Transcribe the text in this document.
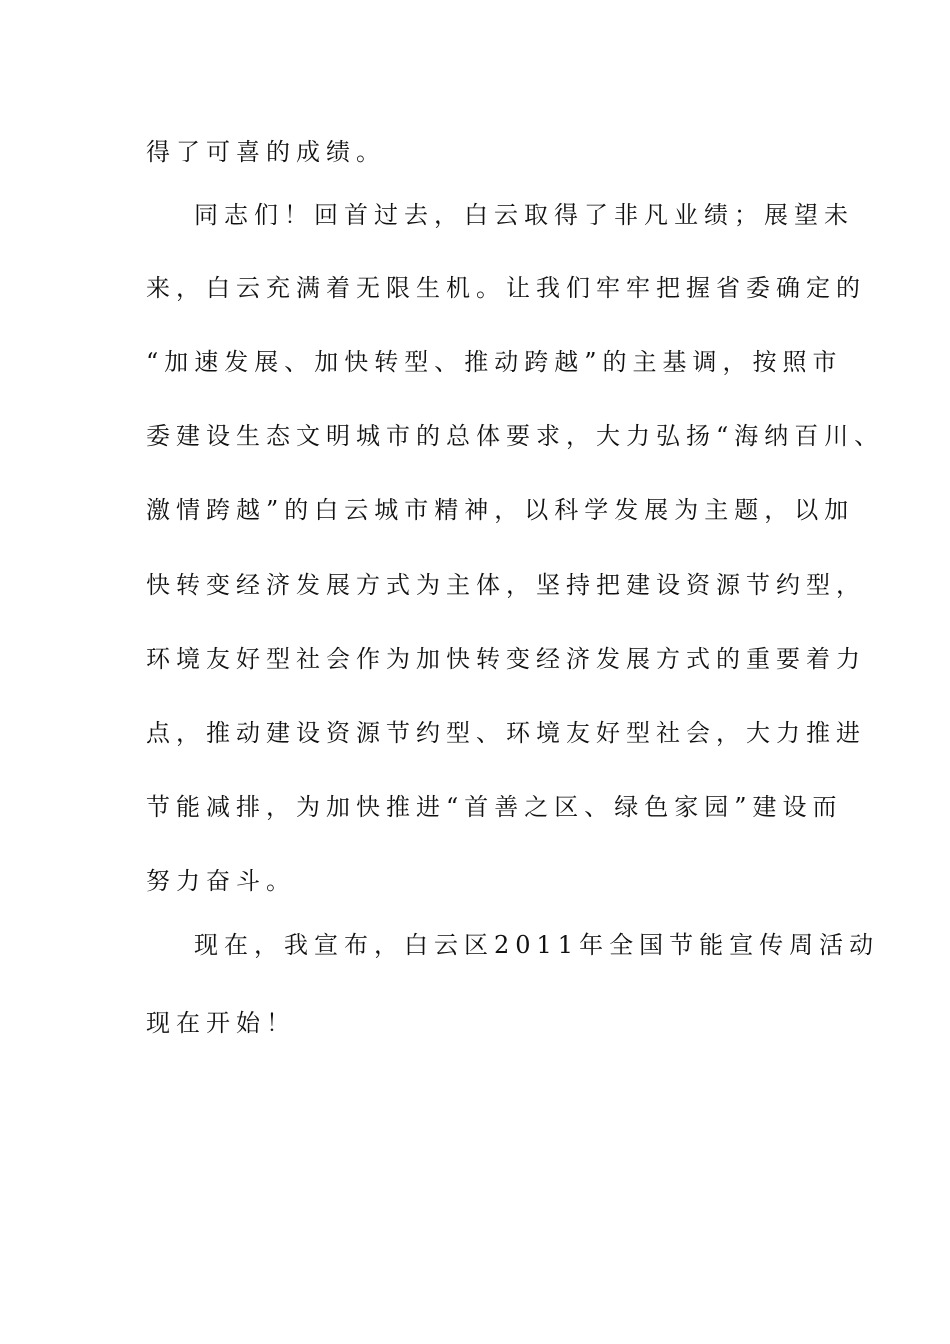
得了可喜的成绩。
同志们！回首过去，白云取得了非凡业绩；展望未
来，白云充满着无限生机。让我们牢牢把握省委确定的
“加速发展、加快转型、推动跨越”的主基调，按照市
委建设生态文明城市的总体要求，大力弘扬“海纳百川、
激情跨越”的白云城市精神，以科学发展为主题，以加
快转变经济发展方式为主体，坚持把建设资源节约型，
环境友好型社会作为加快转变经济发展方式的重要着力
点，推动建设资源节约型、环境友好型社会，大力推进
节能减排，为加快推进“首善之区、绿色家园”建设而
努力奋斗。
现在，我宣布，白云区2011年全国节能宣传周活动
现在开始！
